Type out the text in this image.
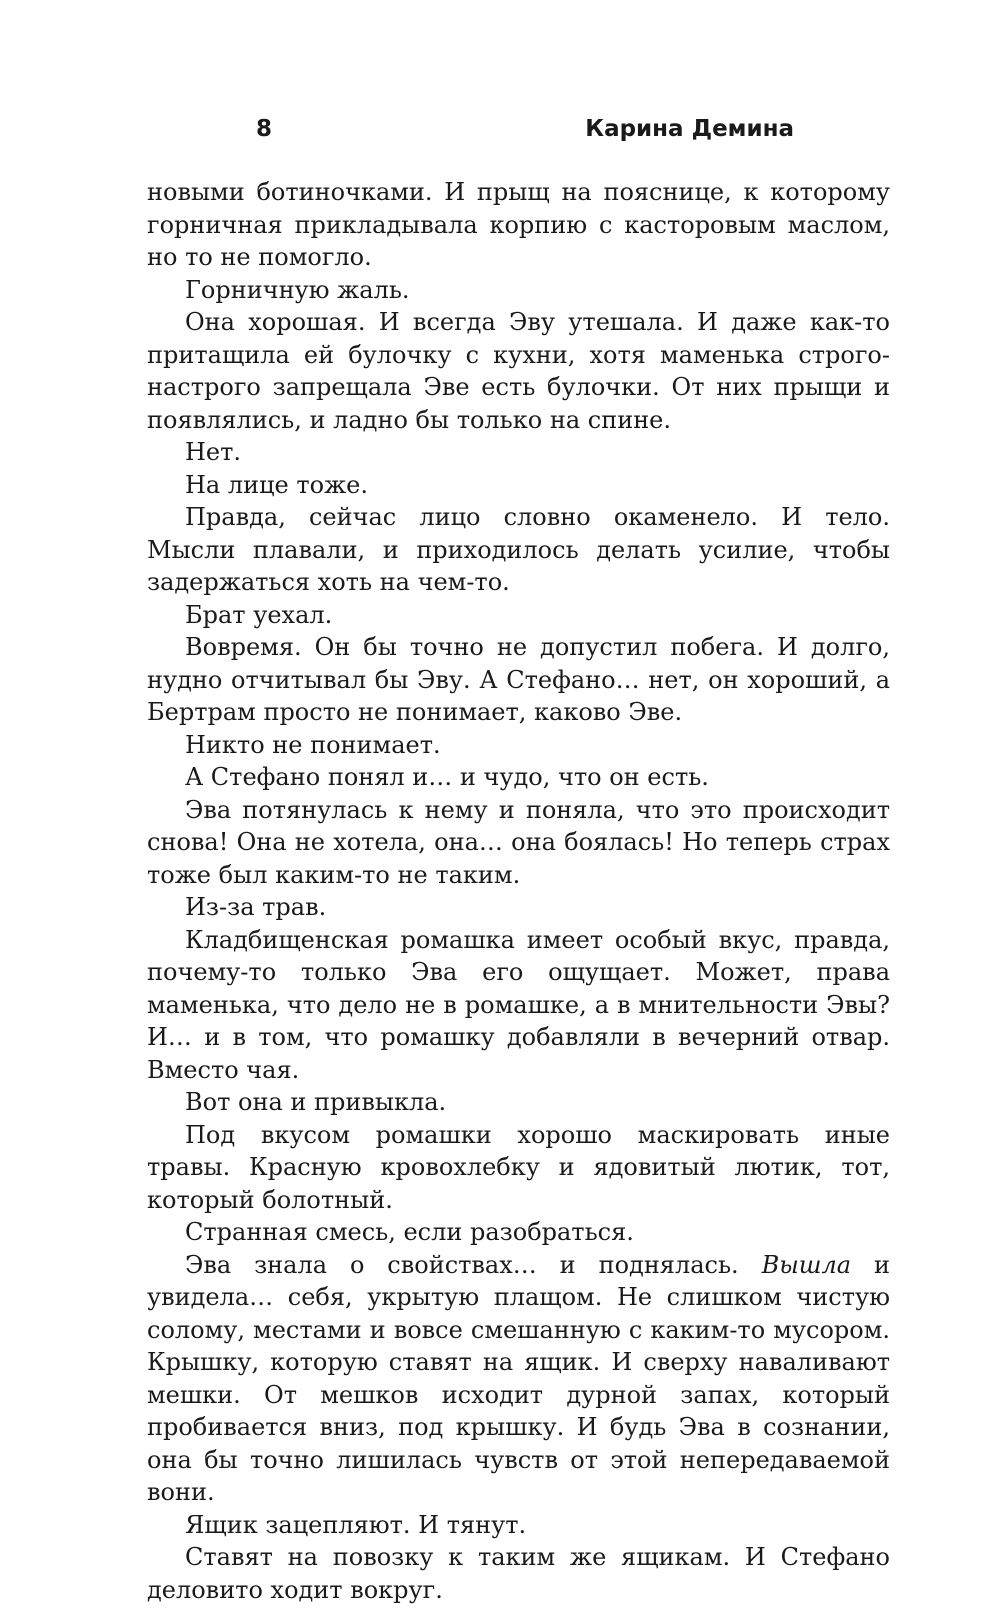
8	Карина Демина

новыми ботиночками. И прыщ на пояснице, к которому горничная прикладывала корпию с касторовым маслом, но то не помогло.

Горничную жаль.

Она хорошая. И всегда Эву утешала. И даже как-то притащила ей булочку с кухни, хотя маменька строго-настрого запрещала Эве есть булочки. От них прыщи и появлялись, и ладно бы только на спине.

Нет.

На лице тоже.

Правда, сейчас лицо словно окаменело. И тело. Мысли плавали, и приходилось делать усилие, чтобы задержаться хоть на чем-то.

Брат уехал.

Вовремя. Он бы точно не допустил побега. И долго, нудно отчитывал бы Эву. А Стефано… нет, он хороший, а Бертрам просто не понимает, каково Эве.

Никто не понимает.

А Стефано понял и… и чудо, что он есть.

Эва потянулась к нему и поняла, что это происходит снова! Она не хотела, она… она боялась! Но теперь страх тоже был каким-то не таким.

Из-за трав.

Кладбищенская ромашка имеет особый вкус, правда, почему-то только Эва его ощущает. Может, права маменька, что дело не в ромашке, а в мнительности Эвы? И… и в том, что ромашку добавляли в вечерний отвар. Вместо чая.

Вот она и привыкла.

Под вкусом ромашки хорошо маскировать иные травы. Красную кровохлебку и ядовитый лютик, тот, который болотный.

Странная смесь, если разобраться.

Эва знала о свойствах… и поднялась. Вышла и увидела… себя, укрытую плащом. Не слишком чистую солому, местами и вовсе смешанную с каким-то мусором. Крышку, которую ставят на ящик. И сверху наваливают мешки. От мешков исходит дурной запах, который пробивается вниз, под крышку. И будь Эва в сознании, она бы точно лишилась чувств от этой непередаваемой вони.

Ящик зацепляют. И тянут.

Ставят на повозку к таким же ящикам. И Стефано деловито ходит вокруг.
